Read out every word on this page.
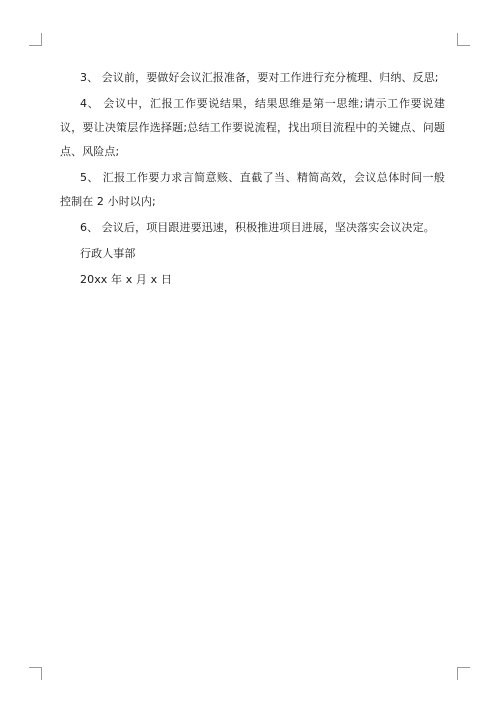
3、 会议前，要做好会议汇报准备，要对工作进行充分梳理、归纳、反思;

4、 会议中，汇报工作要说结果，结果思维是第一思维;请示工作要说建议，要让决策层作选择题;总结工作要说流程，找出项目流程中的关键点、问题点、风险点;

5、 汇报工作要力求言简意赅、直截了当、精简高效，会议总体时间一般控制在 2 小时以内;

6、 会议后，项目跟进要迅速，积极推进项目进展，坚决落实会议决定。

行政人事部

20xx 年 x 月 x 日
